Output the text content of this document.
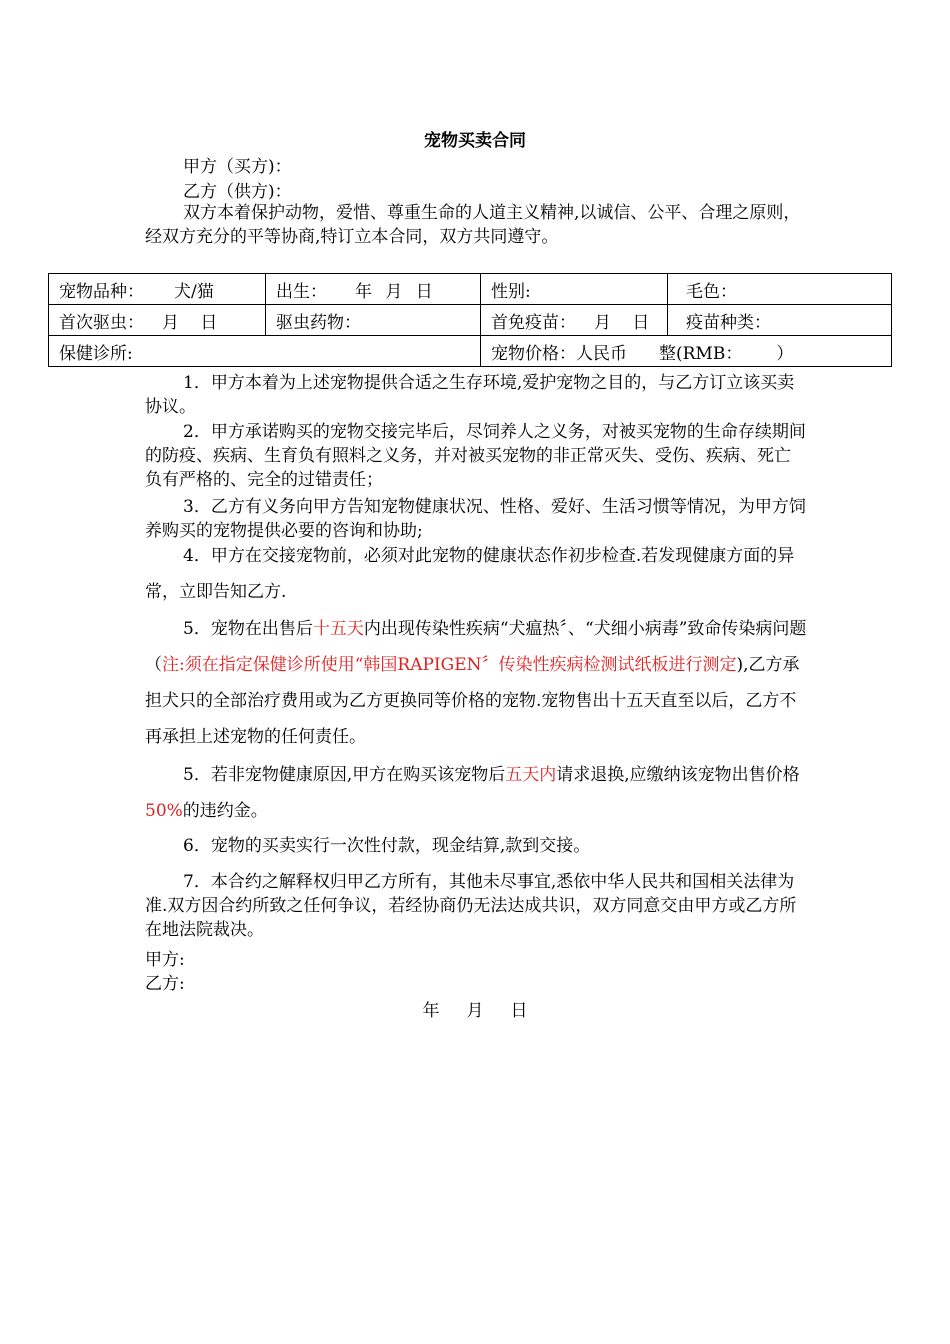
宠物买卖合同
甲方（买方)：
乙方（供方)：
双方本着保护动物，爱惜、尊重生命的人道主义精神,以诚信、公平、合理之原则，经双方充分的平等协商,特订立本合同，双方共同遵守。
宠物品种： 犬/猫	出生： 年 月 日	性别:	毛色：
首次驱虫： 月 日	驱虫药物：	首免疫苗： 月 日	疫苗种类：
保健诊所:		宠物价格：人民币 整(RMB： ）	
1．甲方本着为上述宠物提供合适之生存环境,爱护宠物之目的，与乙方订立该买卖协议。
2．甲方承诺购买的宠物交接完毕后，尽饲养人之义务，对被买宠物的生命存续期间的防疫、疾病、生育负有照料之义务，并对被买宠物的非正常灭失、受伤、疾病、死亡负有严格的、完全的过错责任；
3．乙方有义务向甲方告知宠物健康状况、性格、爱好、生活习惯等情况，为甲方饲养购买的宠物提供必要的咨询和协助;
4．甲方在交接宠物前，必须对此宠物的健康状态作初步检查.若发现健康方面的异常，立即告知乙方.
5．宠物在出售后十五天内出现传染性疾病“犬瘟热〞、“犬细小病毒”致命传染病问题（注:须在指定保健诊所使用“韩国RAPIGEN〞传染性疾病检测试纸板进行测定),乙方承担犬只的全部治疗费用或为乙方更换同等价格的宠物.宠物售出十五天直至以后，乙方不再承担上述宠物的任何责任。
5．若非宠物健康原因,甲方在购买该宠物后五天内请求退换,应缴纳该宠物出售价格50%的违约金。
6．宠物的买卖实行一次性付款，现金结算,款到交接。
7．本合约之解释权归甲乙方所有，其他未尽事宜,悉依中华人民共和国相关法律为准.双方因合约所致之任何争议，若经协商仍无法达成共识，双方同意交由甲方或乙方所在地法院裁决。
甲方:
乙方:
年     月     日
